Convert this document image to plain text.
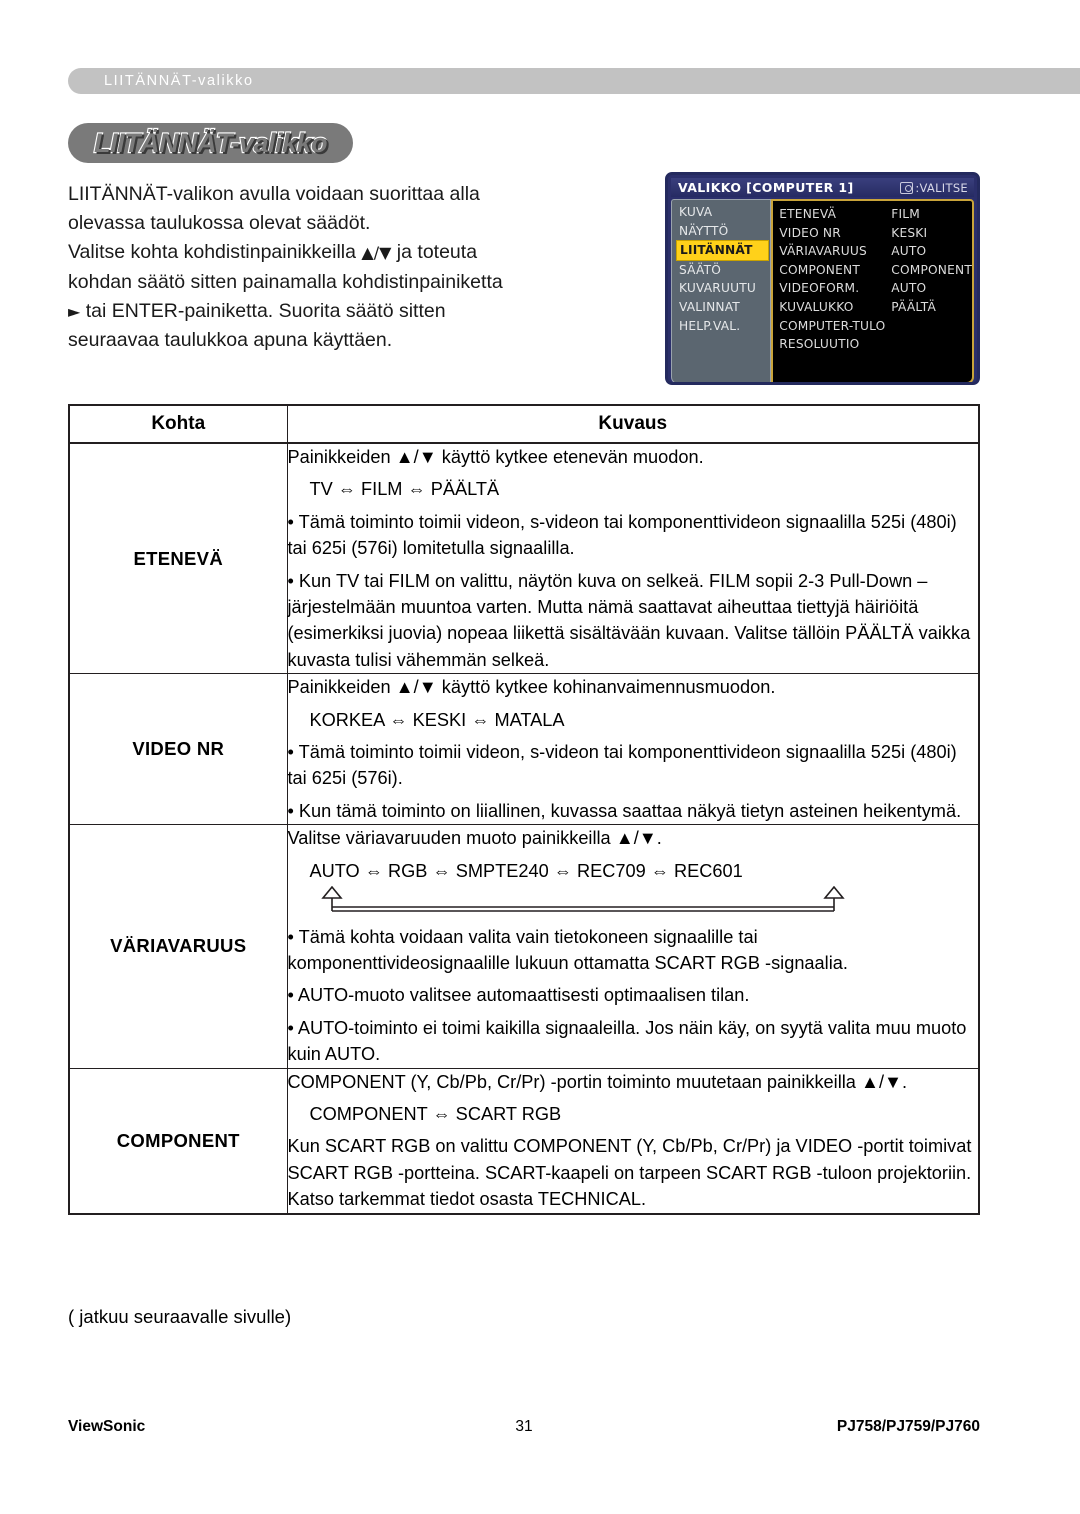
LIITÄNNÄT-valikko
LIITÄNNÄT-valikko
LIITÄNNÄT-valikon avulla voidaan suorittaa alla
olevassa taulukossa olevat säädöt.
Valitse kohta kohdistinpainikkeilla ▲/▼ ja toteuta
kohdan säätö sitten painamalla kohdistinpainiketta
► tai ENTER-painiketta. Suorita säätö sitten
seuraavaa taulukkoa apuna käyttäen.
VALIKKO [COMPUTER 1]	:VALITSE
KUVA
NÄYTTÖ
LIITÄNNÄT
SÄÄTÖ
KUVARUUTU
VALINNAT
HELP.VAL.
ETENEVÄ	FILM
VIDEO NR	KESKI
VÄRIAVARUUS	AUTO
COMPONENT	COMPONENT
VIDEOFORM.	AUTO
KUVALUKKO	PÄÄLTÄ
COMPUTER-TULO
RESOLUUTIO
Kohta	Kuvaus
ETENEVÄ	Painikkeiden ▲/▼ käyttö kytkee etenevän muodon.

TV ⇔ FILM ⇔ PÄÄLTÄ

• Tämä toiminto toimii videon, s-videon tai komponenttivideon signaalilla 525i (480i) tai 625i (576i) lomitetulla signaalilla.

• Kun TV tai FILM on valittu, näytön kuva on selkeä. FILM sopii 2-3 Pull-Down –järjestelmään muuntoa varten. Mutta nämä saattavat aiheuttaa tiettyjä häiriöitä (esimerkiksi juovia) nopeaa liikettä sisältävään kuvaan. Valitse tällöin PÄÄLTÄ vaikka kuvasta tulisi vähemmän selkeä.

VIDEO NR	Painikkeiden ▲/▼ käyttö kytkee kohinanvaimennusmuodon.

KORKEA ⇔ KESKI ⇔ MATALA

• Tämä toiminto toimii videon, s-videon tai komponenttivideon signaalilla 525i (480i) tai 625i (576i).

• Kun tämä toiminto on liiallinen, kuvassa saattaa näkyä tietyn asteinen heikentymä.

VÄRIAVARUUS	Valitse väriavaruuden muoto painikkeilla ▲/▼.

AUTO ⇔ RGB ⇔ SMPTE240 ⇔ REC709 ⇔ REC601

• Tämä kohta voidaan valita vain tietokoneen signaalille tai komponenttivideosignaalille lukuun ottamatta SCART RGB -signaalia.

• AUTO-muoto valitsee automaattisesti optimaalisen tilan.

• AUTO-toiminto ei toimi kaikilla signaaleilla. Jos näin käy, on syytä valita muu muoto kuin AUTO.

COMPONENT	COMPONENT (Y, Cb/Pb, Cr/Pr) -portin toiminto muutetaan painikkeilla ▲/▼.

COMPONENT ⇔ SCART RGB

Kun SCART RGB on valittu COMPONENT (Y, Cb/Pb, Cr/Pr) ja VIDEO -portit toimivat SCART RGB -portteina. SCART-kaapeli on tarpeen SCART RGB -tuloon projektoriin. Katso tarkemmat tiedot osasta TECHNICAL.

( jatkuu seuraavalle sivulle)
ViewSonic	31	PJ758/PJ759/PJ760
